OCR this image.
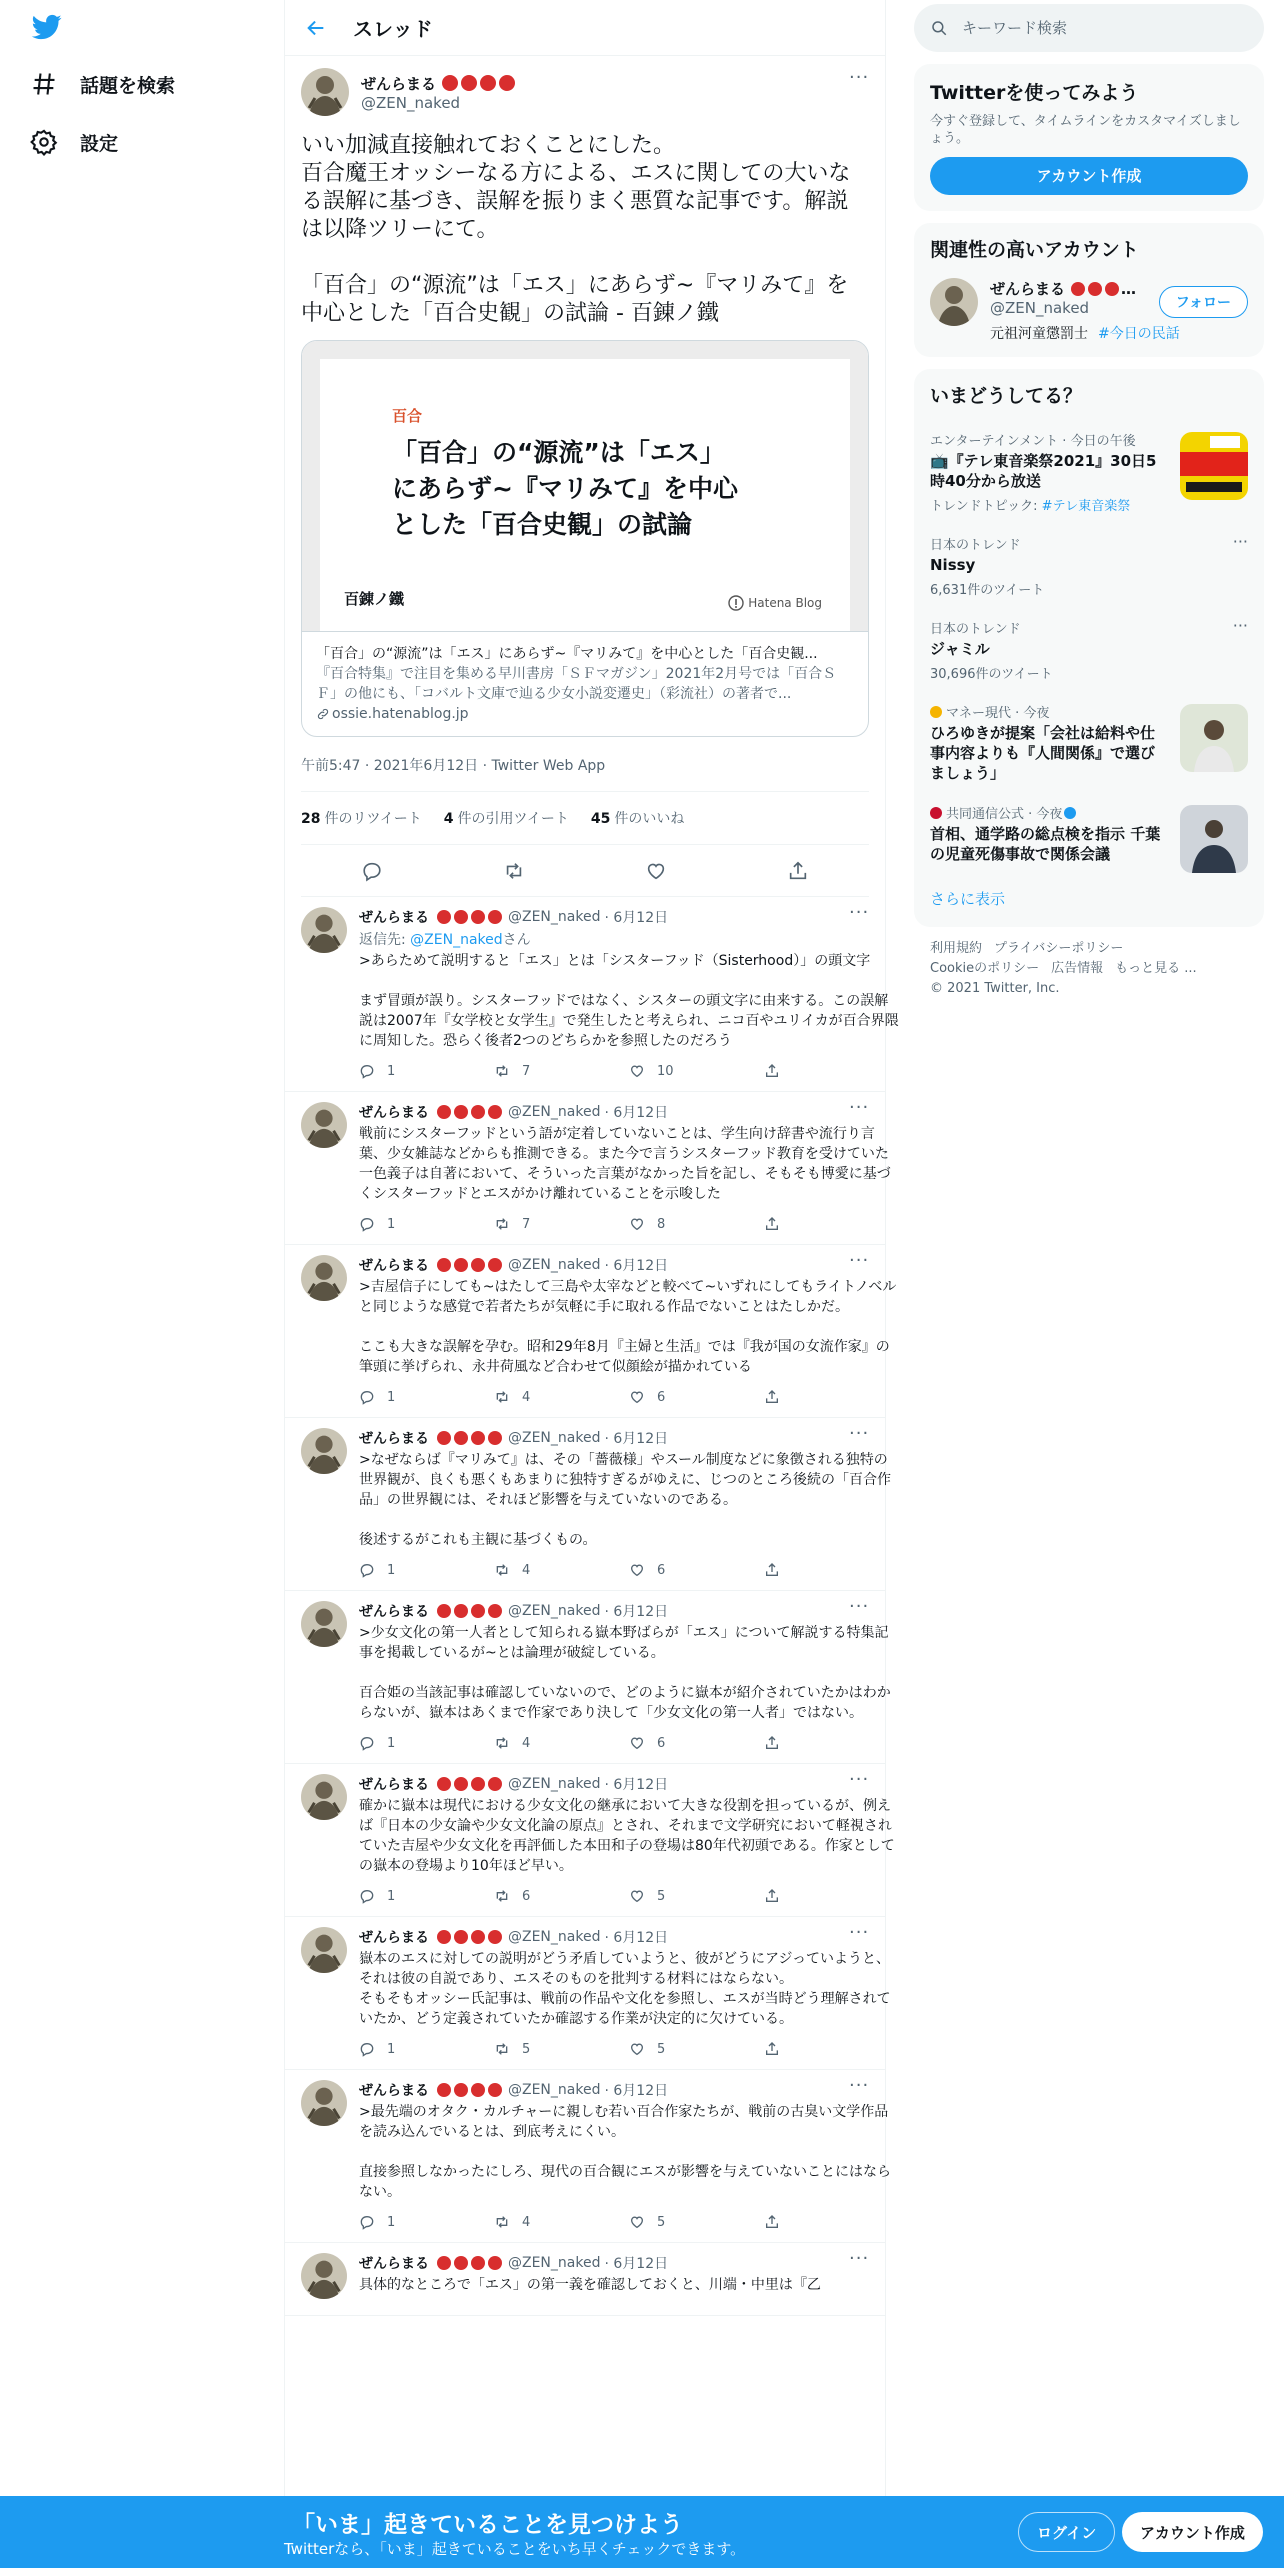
話題を検索
設定
スレッド
ぜんらまる
@ZEN_naked
···
いい加減直接触れておくことにした。
百合魔王オッシーなる方による、エスに関しての大いなる誤解に基づき、誤解を振りまく悪質な記事です。解説は以降ツリーにて。

「百合」の“源流”は「エス」にあらず~『マリみて』を中心とした「百合史観」の試論 - 百錬ノ鐵
百合
「百合」の“源流”は「エス」
にあらず~『マリみて』を中心
とした「百合史観」の試論
百錬ノ鐵	Hatena Blog
「百合」の“源流”は「エス」にあらず~『マリみて』を中心とした「百合史観...
『百合特集』で注目を集める早川書房「ＳＦマガジン」2021年2月号では「百合ＳＦ」の他にも、「コバルト文庫で辿る少女小説変遷史」（彩流社）の著者で...
ossie.hatenablog.jp
午前5:47 · 2021年6月12日 · Twitter Web App
28 件のリツイート 4 件の引用ツイート 45 件のいいね
ぜんらまる	@ZEN_naked · 6月12日
返信先: @ZEN_nakedさん
>あらためて説明すると「エス」とは「シスターフッド（Sisterhood）」の頭文字

まず冒頭が誤り。シスターフッドではなく、シスターの頭文字に由来する。この誤解説は2007年『女学校と女学生』で発生したと考えられ、ニコ百やユリイカが百合界隈に周知した。恐らく後者2つのどちらかを参照したのだろう
1	7	10
···
ぜんらまる	@ZEN_naked · 6月12日
戦前にシスターフッドという語が定着していないことは、学生向け辞書や流行り言葉、少女雑誌などからも推測できる。また今で言うシスターフッド教育を受けていた一色義子は自著において、そういった言葉がなかった旨を記し、そもそも博愛に基づくシスターフッドとエスがかけ離れていることを示唆した
1	7	8
···
ぜんらまる	@ZEN_naked · 6月12日
>吉屋信子にしても~はたして三島や太宰などと較べて~いずれにしてもライトノベルと同じような感覚で若者たちが気軽に手に取れる作品でないことはたしかだ。

ここも大きな誤解を孕む。昭和29年8月『主婦と生活』では『我が国の女流作家』の筆頭に挙げられ、永井荷風など合わせて似顔絵が描かれている
1	4	6
···
ぜんらまる	@ZEN_naked · 6月12日
>なぜならば『マリみて』は、その「薔薇様」やスール制度などに象徴される独特の世界観が、良くも悪くもあまりに独特すぎるがゆえに、じつのところ後続の「百合作品」の世界観には、それほど影響を与えていないのである。

後述するがこれも主観に基づくもの。
1	4	6
···
ぜんらまる	@ZEN_naked · 6月12日
>少女文化の第一人者として知られる嶽本野ばらが「エス」について解説する特集記事を掲載しているが~とは論理が破綻している。

百合姫の当該記事は確認していないので、どのように嶽本が紹介されていたかはわからないが、嶽本はあくまで作家であり決して「少女文化の第一人者」ではない。
1	4	6
···
ぜんらまる	@ZEN_naked · 6月12日
確かに嶽本は現代における少女文化の継承において大きな役割を担っているが、例えば『日本の少女論や少女文化論の原点』とされ、それまで文学研究において軽視されていた吉屋や少女文化を再評価した本田和子の登場は80年代初頭である。作家としての嶽本の登場より10年ほど早い。
1	6	5
···
ぜんらまる	@ZEN_naked · 6月12日
嶽本のエスに対しての説明がどう矛盾していようと、彼がどうにアジっていようと、それは彼の自説であり、エスそのものを批判する材料にはならない。
そもそもオッシー氏記事は、戦前の作品や文化を参照し、エスが当時どう理解されていたか、どう定義されていたか確認する作業が決定的に欠けている。
1	5	5
···
ぜんらまる	@ZEN_naked · 6月12日
>最先端のオタク・カルチャーに親しむ若い百合作家たちが、戦前の古臭い文学作品を読み込んでいるとは、到底考えにくい。

直接参照しなかったにしろ、現代の百合観にエスが影響を与えていないことにはならない。
1	4	5
···
ぜんらまる	@ZEN_naked · 6月12日
具体的なところで「エス」の第一義を確認しておくと、川端・中里は『乙
···
キーワード検索
Twitterを使ってみよう

今すぐ登録して、タイムラインをカスタマイズしましょう。

アカウント作成
関連性の高いアカウント
ぜんらまる	…
@ZEN_naked
元祖河童懲罰士 #今日の民話
フォロー
いまどうしてる？
エンターテインメント · 今日の午後
📺『テレ東音楽祭2021』30日5時40分から放送
トレンドトピック: #テレ東音楽祭
日本のトレンド
Nissy
6,631件のツイート
···
日本のトレンド
ジャミル
30,696件のツイート
···
マネー現代 · 今夜
ひろゆきが提案「会社は給料や仕事内容よりも『人間関係』で選びましょう」
共同通信公式 · 今夜
首相、通学路の総点検を指示 千葉の児童死傷事故で関係会議
さらに表示
利用規約 プライバシーポリシー
Cookieのポリシー 広告情報 もっと見る ...
© 2021 Twitter, Inc.
「いま」起きていることを見つけよう
Twitterなら、「いま」起きていることをいち早くチェックできます。
ログイン	アカウント作成
